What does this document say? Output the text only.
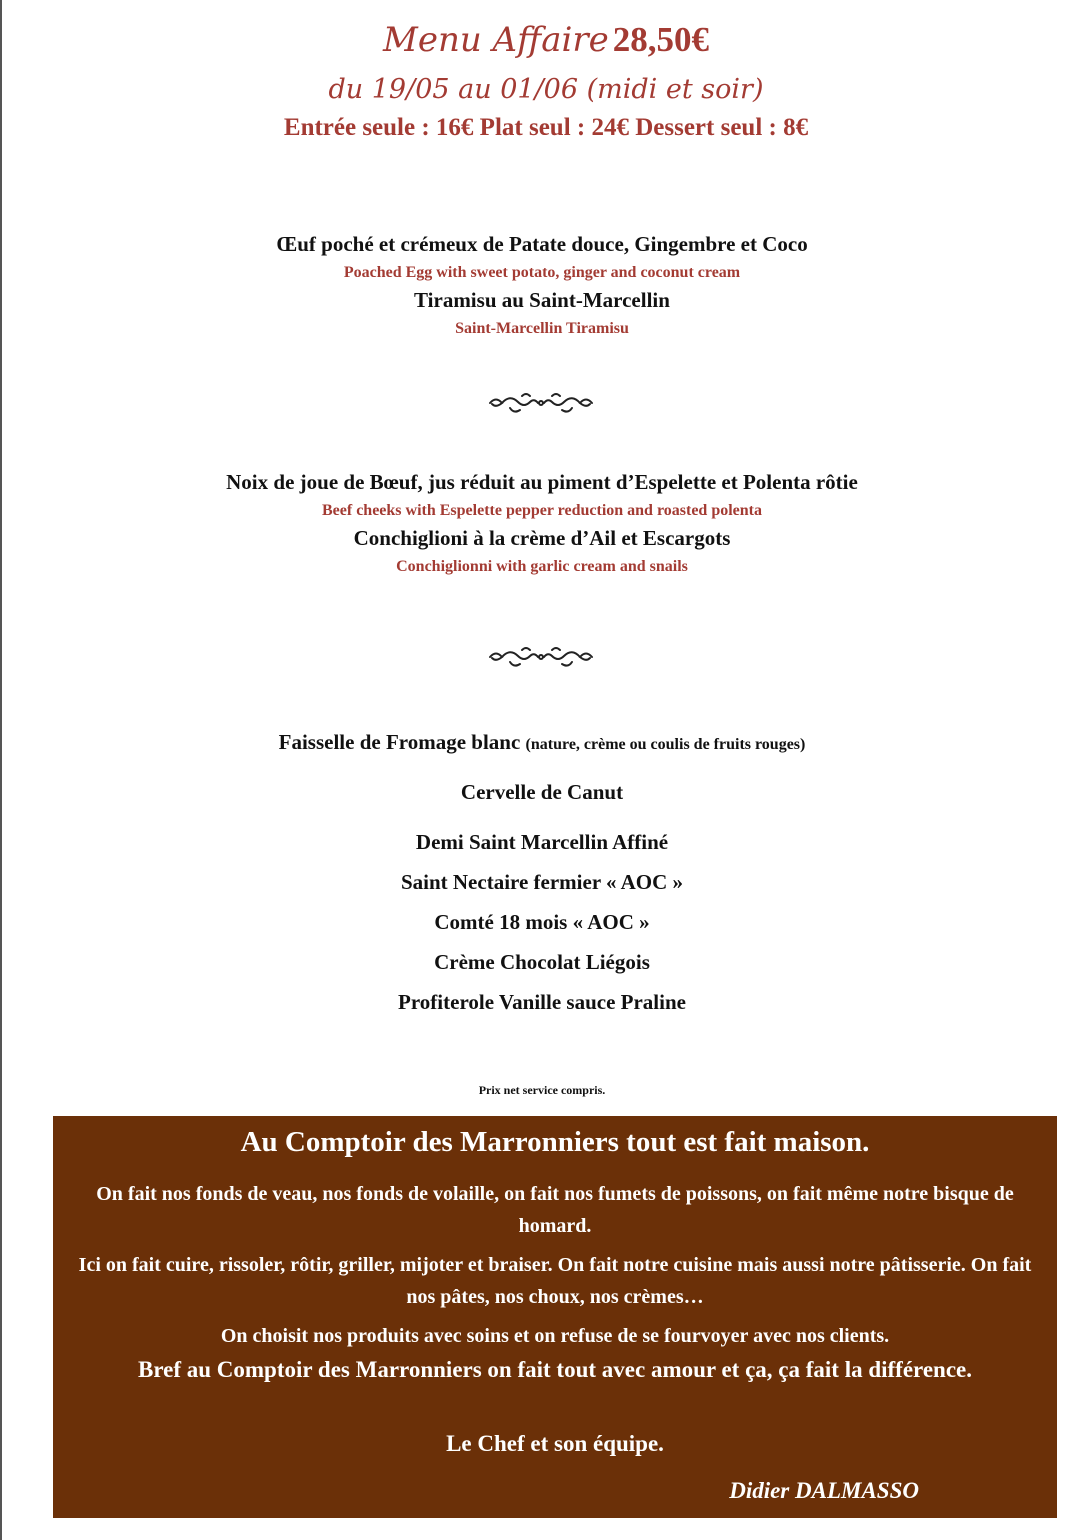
Menu Affaire 28,50€
du 19/05 au 01/06 (midi et soir)
Entrée seule : 16€ Plat seul : 24€ Dessert seul : 8€
Œuf poché et crémeux de Patate douce, Gingembre et Coco
Poached Egg with sweet potato, ginger and coconut cream
Tiramisu au Saint-Marcellin
Saint-Marcellin Tiramisu
Noix de joue de Bœuf, jus réduit au piment d’Espelette et Polenta rôtie
Beef cheeks with Espelette pepper reduction and roasted polenta
Conchiglioni à la crème d’Ail et Escargots
Conchiglionni with garlic cream and snails
Faisselle de Fromage blanc (nature, crème ou coulis de fruits rouges)
Cervelle de Canut
Demi Saint Marcellin Affiné
Saint Nectaire fermier « AOC »
Comté 18 mois « AOC »
Crème Chocolat Liégois
Profiterole Vanille sauce Praline
Prix net service compris.
Au Comptoir des Marronniers tout est fait maison.
On fait nos fonds de veau, nos fonds de volaille, on fait nos fumets de poissons, on fait même notre bisque de homard.
Ici on fait cuire, rissoler, rôtir, griller, mijoter et braiser. On fait notre cuisine mais aussi notre pâtisserie. On fait nos pâtes, nos choux, nos crèmes…
On choisit nos produits avec soins et on refuse de se fourvoyer avec nos clients.
Bref au Comptoir des Marronniers on fait tout avec amour et ça, ça fait la différence.
Le Chef et son équipe.
Didier DALMASSO
